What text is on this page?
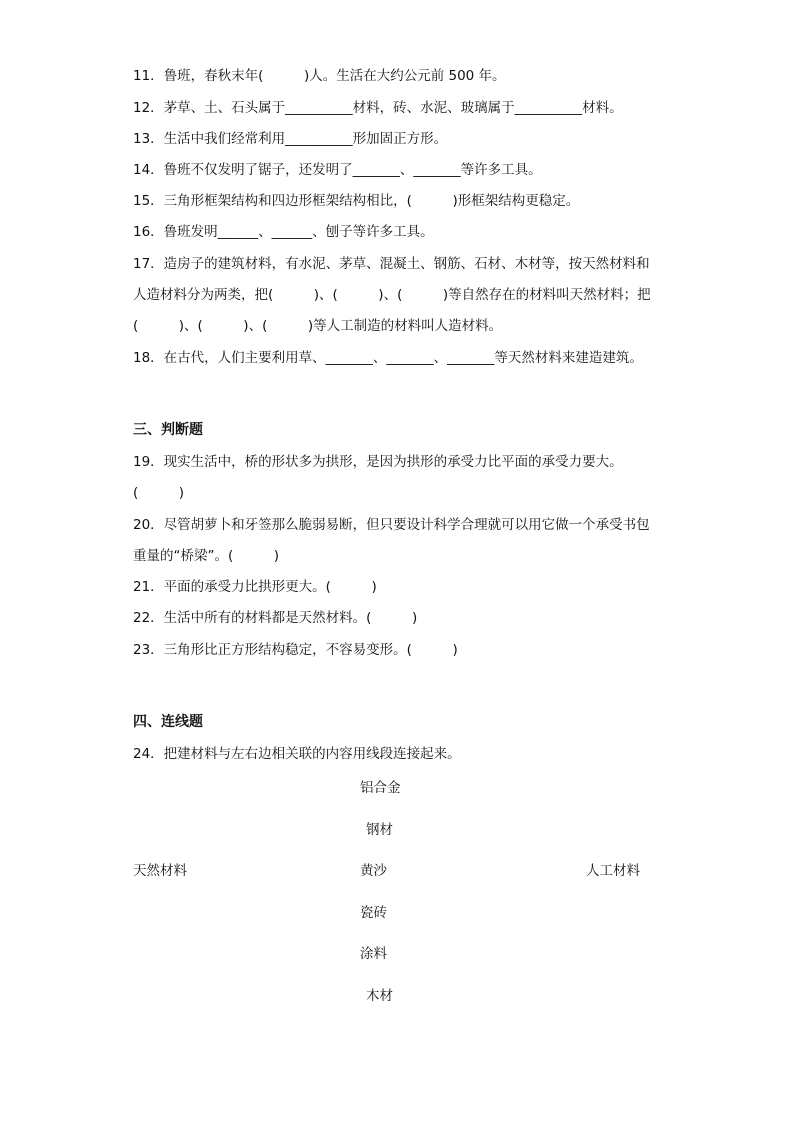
11．鲁班，春秋末年(　　　)人。生活在大约公元前 500 年。
12．茅草、土、石头属于__________材料，砖、水泥、玻璃属于__________材料。
13．生活中我们经常利用__________形加固正方形。
14．鲁班不仅发明了锯子，还发明了_______、_______等许多工具。
15．三角形框架结构和四边形框架结构相比，(　　　)形框架结构更稳定。
16．鲁班发明______、______、刨子等许多工具。
17．造房子的建筑材料，有水泥、茅草、混凝土、钢筋、石材、木材等，按天然材料和
人造材料分为两类，把(　　　)、(　　　)、(　　　)等自然存在的材料叫天然材料；把
(　　　)、(　　　)、(　　　)等人工制造的材料叫人造材料。
18．在古代，人们主要利用草、_______、_______、_______等天然材料来建造建筑。
三、判断题
19．现实生活中，桥的形状多为拱形，是因为拱形的承受力比平面的承受力要大。
(　　　)
20．尽管胡萝卜和牙签那么脆弱易断，但只要设计科学合理就可以用它做一个承受书包
重量的“桥梁”。(　　　)
21．平面的承受力比拱形更大。(　　　)
22．生活中所有的材料都是天然材料。(　　　)
23．三角形比正方形结构稳定，不容易变形。(　　　)
四、连线题
24．把建材料与左右边相关联的内容用线段连接起来。
铝合金
钢材
天然材料	黄沙	人工材料
瓷砖
涂料
木材
